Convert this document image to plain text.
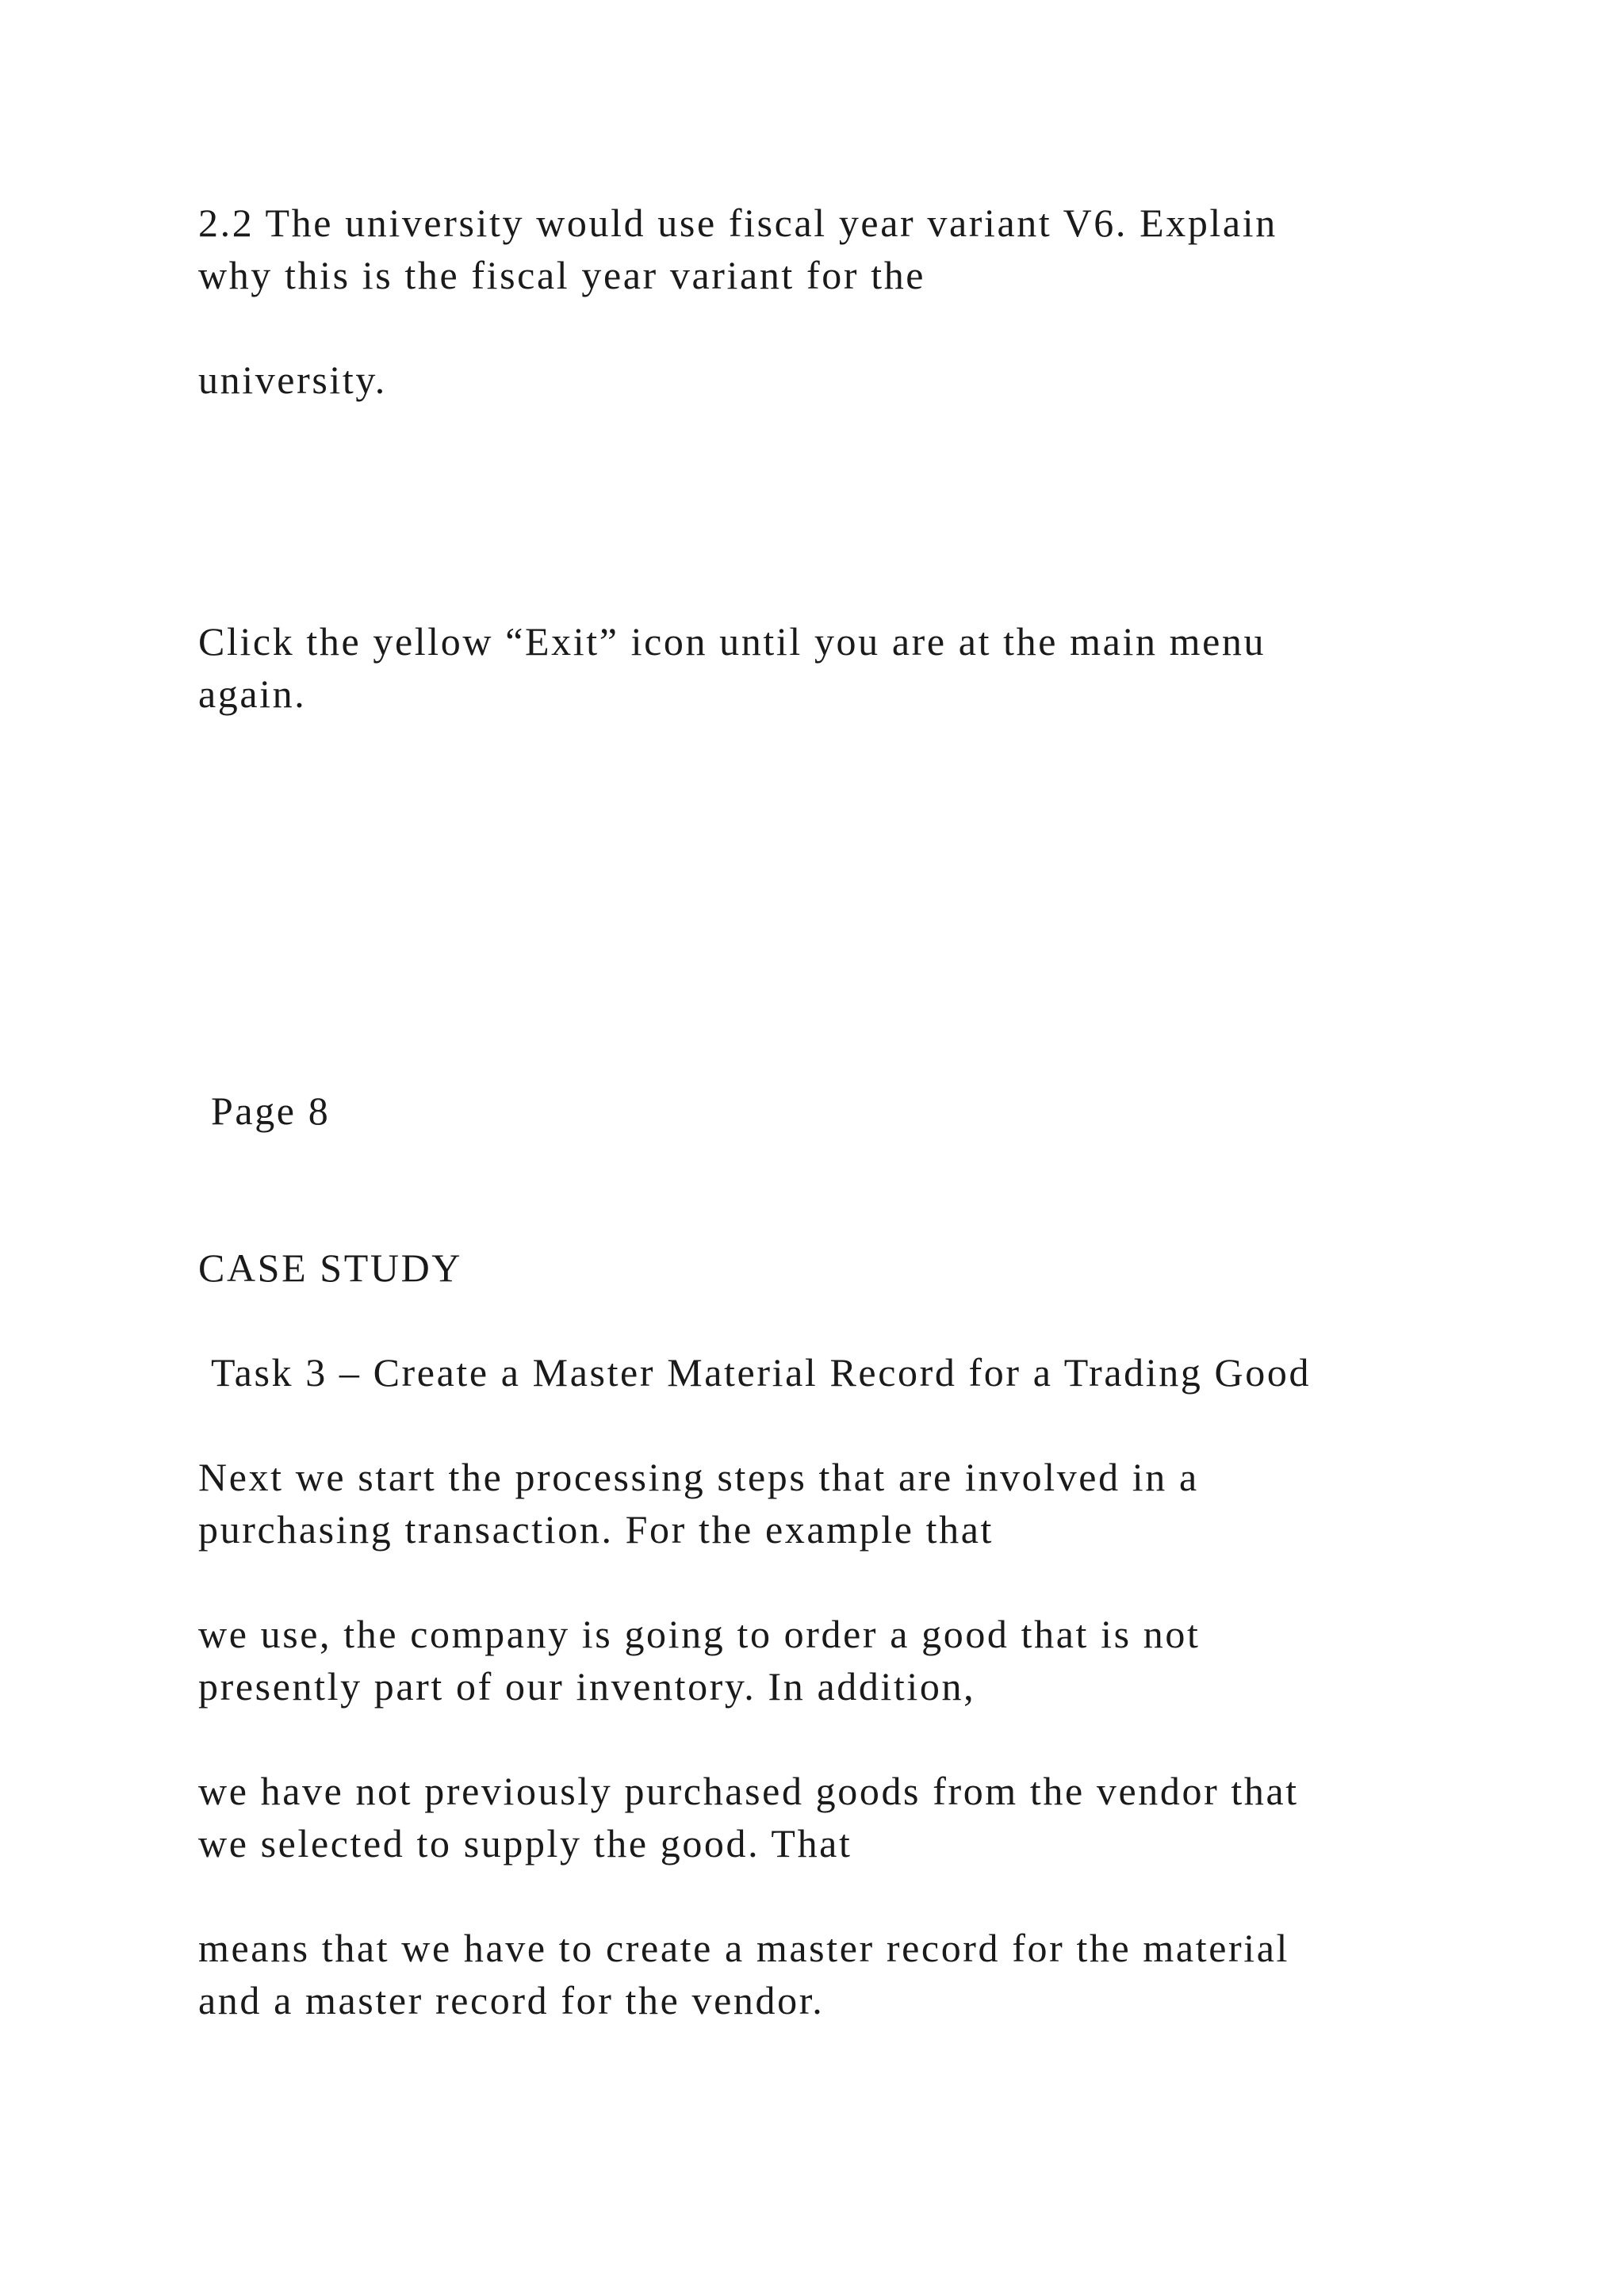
2.2 The university would use fiscal year variant V6. Explain

why this is the fiscal year variant for the

university.

Click the yellow “Exit” icon until you are at the main menu

again.

Page 8

CASE STUDY

Task 3 – Create a Master Material Record for a Trading Good

Next we start the processing steps that are involved in a

purchasing transaction. For the example that

we use, the company is going to order a good that is not

presently part of our inventory. In addition,

we have not previously purchased goods from the vendor that

we selected to supply the good. That

means that we have to create a master record for the material

and a master record for the vendor.
